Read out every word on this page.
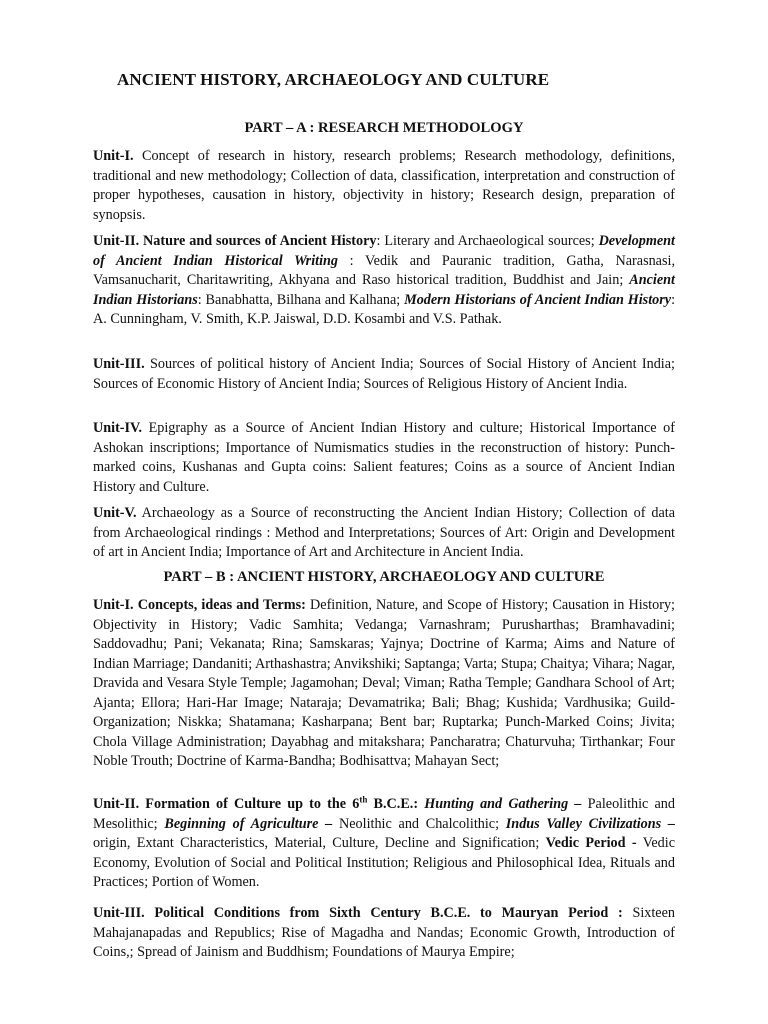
ANCIENT HISTORY, ARCHAEOLOGY AND CULTURE
PART – A : RESEARCH METHODOLOGY
Unit-I. Concept of research in history, research problems; Research methodology, definitions, traditional and new methodology; Collection of data, classification, interpretation and construction of proper hypotheses, causation in history, objectivity in history; Research design, preparation of synopsis.
Unit-II. Nature and sources of Ancient History: Literary and Archaeological sources; Development of Ancient Indian Historical Writing : Vedik and Pauranic tradition, Gatha, Narasnasi, Vamsanucharit, Charitawriting, Akhyana and Raso historical tradition, Buddhist and Jain; Ancient Indian Historians: Banabhatta, Bilhana and Kalhana; Modern Historians of Ancient Indian History: A. Cunningham, V. Smith, K.P. Jaiswal, D.D. Kosambi and V.S. Pathak.
Unit-III. Sources of political history of Ancient India; Sources of Social History of Ancient India; Sources of Economic History of Ancient India; Sources of Religious History of Ancient India.
Unit-IV. Epigraphy as a Source of Ancient Indian History and culture; Historical Importance of Ashokan inscriptions; Importance of Numismatics studies in the reconstruction of history: Punch-marked coins, Kushanas and Gupta coins: Salient features; Coins as a source of Ancient Indian History and Culture.
Unit-V. Archaeology as a Source of reconstructing the Ancient Indian History; Collection of data from Archaeological rindings : Method and Interpretations; Sources of Art: Origin and Development of art in Ancient India; Importance of Art and Architecture in Ancient India.
PART – B : ANCIENT HISTORY, ARCHAEOLOGY AND CULTURE
Unit-I. Concepts, ideas and Terms: Definition, Nature, and Scope of History; Causation in History; Objectivity in History; Vadic Samhita; Vedanga; Varnashram; Purusharthas; Bramhavadini; Saddovadhu; Pani; Vekanata; Rina; Samskaras; Yajnya; Doctrine of Karma; Aims and Nature of Indian Marriage; Dandaniti; Arthashastra; Anvikshiki; Saptanga; Varta; Stupa; Chaitya; Vihara; Nagar, Dravida and Vesara Style Temple; Jagamohan; Deval; Viman; Ratha Temple; Gandhara School of Art; Ajanta; Ellora; Hari-Har Image; Nataraja; Devamatrika; Bali; Bhag; Kushida; Vardhusika; Guild-Organization; Niskka; Shatamana; Kasharpana; Bent bar; Ruptarka; Punch-Marked Coins; Jivita; Chola Village Administration; Dayabhag and mitakshara; Pancharatra; Chaturvuha; Tirthankar; Four Noble Trouth; Doctrine of Karma-Bandha; Bodhisattva; Mahayan Sect;
Unit-II. Formation of Culture up to the 6th B.C.E.: Hunting and Gathering – Paleolithic and Mesolithic; Beginning of Agriculture – Neolithic and Chalcolithic; Indus Valley Civilizations – origin, Extant Characteristics, Material, Culture, Decline and Signification; Vedic Period - Vedic Economy, Evolution of Social and Political Institution; Religious and Philosophical Idea, Rituals and Practices; Portion of Women.
Unit-III. Political Conditions from Sixth Century B.C.E. to Mauryan Period : Sixteen Mahajanapadas and Republics; Rise of Magadha and Nandas; Economic Growth, Introduction of Coins,; Spread of Jainism and Buddhism; Foundations of Maurya Empire;
